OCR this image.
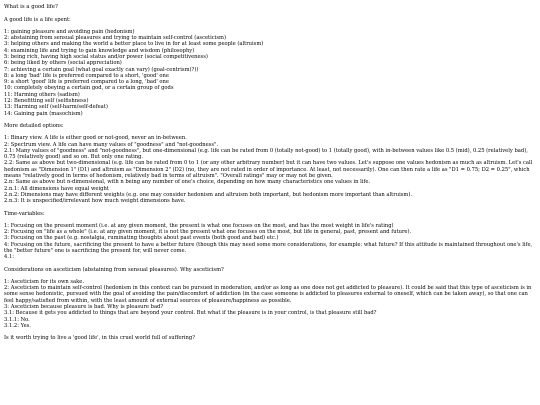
What is a good life?

A good life is a life spent:

1: gaining pleasure and avoiding pain (hedonism)
2: abstaining from sensual pleasures and trying to maintain self-control (asceticism)
3: helping others and making the world a better place to live in for at least some people (altruism)
4: examining life and trying to gain knowledge and wisdom (philosophy)
5: being rich, having high social status and/or power (social competitiveness)
6: being liked by others (social appreciation)
7: achieving a certain goal (what goal exactly can vary) (goal-centrism(?))
8: a long 'bad' life is preferred compared to a short, 'good' one
9: a short 'good' life is preferred compared to a long, 'bad' one
10: completely obeying a certain god, or a certain group of gods
11: Harming others (sadism)
12: Benefitting self (selfishness)
13: Harming self (self-harm/self-defeat)
14: Gaining pain (masochism)

More detailed options:

1: Binary view. A life is either good or not-good, never an in-between.
2: Spectrum view. A life can have many values of "goodness" and "not-goodness".
2.1: Many values of "goodness" and "not-goodness", but one-dimensional (e.g. life can be rated from 0 (totally not-good) to 1 (totally good), with in-between values like 0.5 (mid), 0.25 (relatively bad), 0.75 (relatively good) and so on. But only one rating.
2.2: Same as above but two-dimensional (e.g. life can be rated from 0 to 1 (or any other arbitrary number) but it can have two values. Let's suppose one values hedonism as much as altruism. Let's call hedonism as "Dimension 1" (D1) and altruism as "Dimension 2" (D2) (no, they are not rated in order of importance. At least, not necessarily). One can then rate a life as "D1 = 0.75; D2 = 0.25", which means "relatively good in terms of hedonism, relatively bad in terms of altruism". "Overall ratings" may or may not be given.
2.n: Same as above but n-dimensional, with n being any number of one's choice, depending on how many characteristics one values in life.
2.n.1: All dimensions have equal weight
2.n.2: Dimensions may have different weights (e.g. one may consider hedonism and altruism both important, but hedonism more important than altruism).
2.n.3: It is unspecified/irrelevant how much weight dimensions have.

Time-variables:

1: Focusing on the present moment (i.e. at any given moment, the present is what one focuses on the most, and has the most weight in life's rating)
2: Focusing on "life as a whole" (i.e. at any given moment, it is not the present what one focuses on the most, but life in general, past, present and future).
3: Focusing on the past (e.g. nostalgia, ruminating thoughts about past events (both good and bad) etc.)
4: Focusing on the future, sacrificing the present to have a better future (though this may need some more considerations, for example: what future? If this attitude is maintained throughout one's life, the "better future" one is sacrificing the present for, will never come.
4.1:

Considerations on asceticism (abstaining from sensual pleasures). Why asceticism?

1: Asceticism for its own sake.
2: Asceticism to maintain self-control (hedonism in this context can be pursued in moderation, and/or as long as one does not get addicted to pleasure). It could be said that this type of asceticism is in some sense hedonistic, pursued with the goal of avoiding the pain/discomfort of addiction (in the case someone is addicted to pleasures external to oneself, which can be taken away), so that one can feel happy/satisfied from within, with the least amount of external sources of pleasure/happiness as possible.
3: Asceticism because pleasure is bad. Why is pleasure bad?
3.1: Because it gets you addicted to things that are beyond your control. But what if the pleasure is in your control, is that pleasure still bad?
3.1.1: No.
3.1.2: Yes.

Is it worth trying to live a 'good life', in this cruel world full of suffering?
